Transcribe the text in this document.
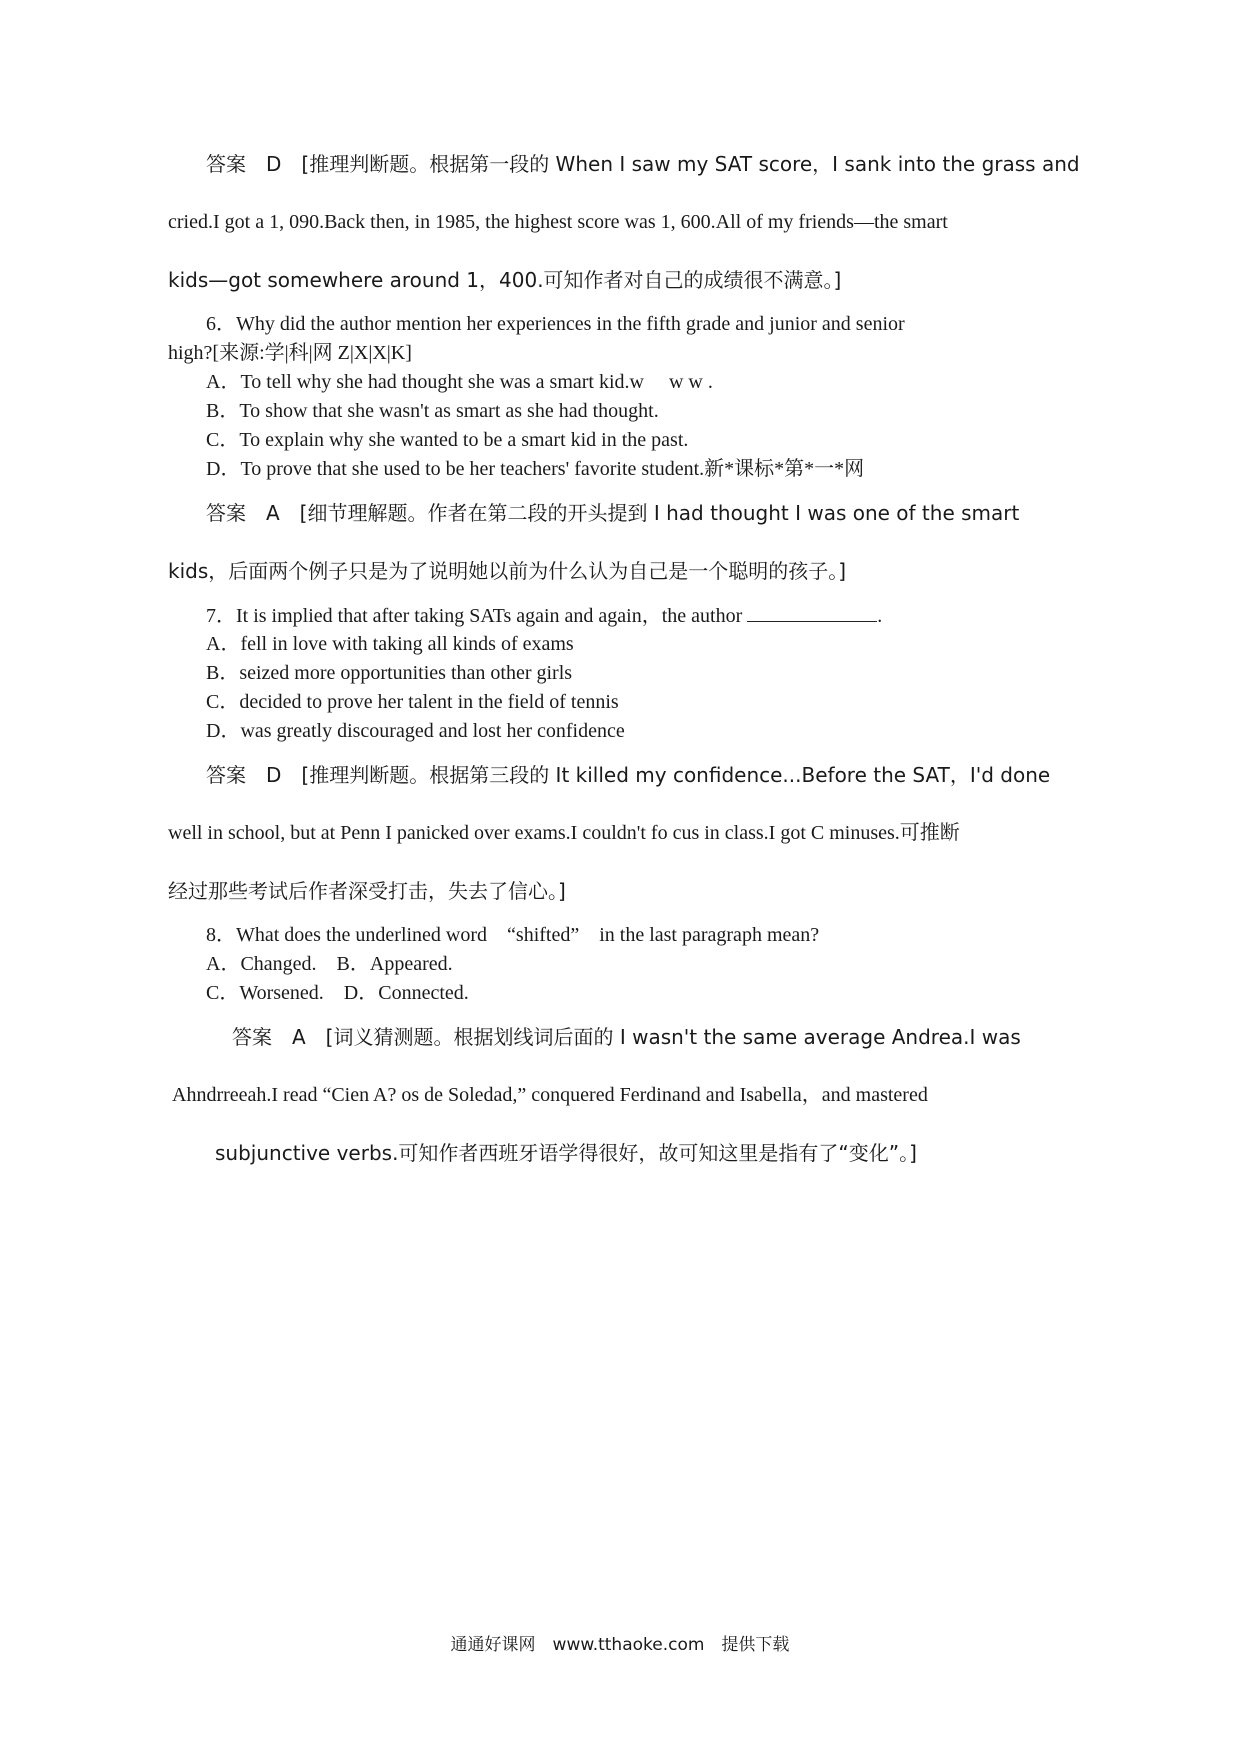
答案　D　[推理判断题。根据第一段的 When I saw my SAT score，I sank into the grass and
cried.I got a 1, 090.Back then, in 1985, the highest score was 1, 600.All of my friends—the smart
kids—got somewhere around 1，400.可知作者对自己的成绩很不满意。]
6．Why did the author mention her experiences in the fifth grade and junior and senior
high?[来源:学|科|网 Z|X|X|K]
A．To tell why she had thought she was a smart kid.w　 w w .
B．To show that she wasn't as smart as she had thought.
C．To explain why she wanted to be a smart kid in the past.
D．To prove that she used to be her teachers' favorite student.新*课标*第*一*网
答案　A　[细节理解题。作者在第二段的开头提到 I had thought I was one of the smart
kids，后面两个例子只是为了说明她以前为什么认为自己是一个聪明的孩子。]
7．It is implied that after taking SATs again and again，the author	.
A．fell in love with taking all kinds of exams
B．seized more opportunities than other girls
C．decided to prove her talent in the field of tennis
D．was greatly discouraged and lost her confidence
答案　D　[推理判断题。根据第三段的 It killed my confidence...Before the SAT，I'd done
well in school, but at Penn I panicked over exams.I couldn't fo cus in class.I got C minuses.可推断
经过那些考试后作者深受打击，失去了信心。]
8．What does the underlined word　“shifted”　in the last paragraph mean?
A．Changed.　B．Appeared.
C．Worsened.　D．Connected.
答案　A　[词义猜测题。根据划线词后面的 I wasn't the same average Andrea.I was
Ahndrreeah.I read “Cien A? os de Soledad,” conquered Ferdinand and Isabella，and mastered
subjunctive verbs.可知作者西班牙语学得很好，故可知这里是指有了“变化”。]
通通好课网　www.tthaoke.com　提供下载
